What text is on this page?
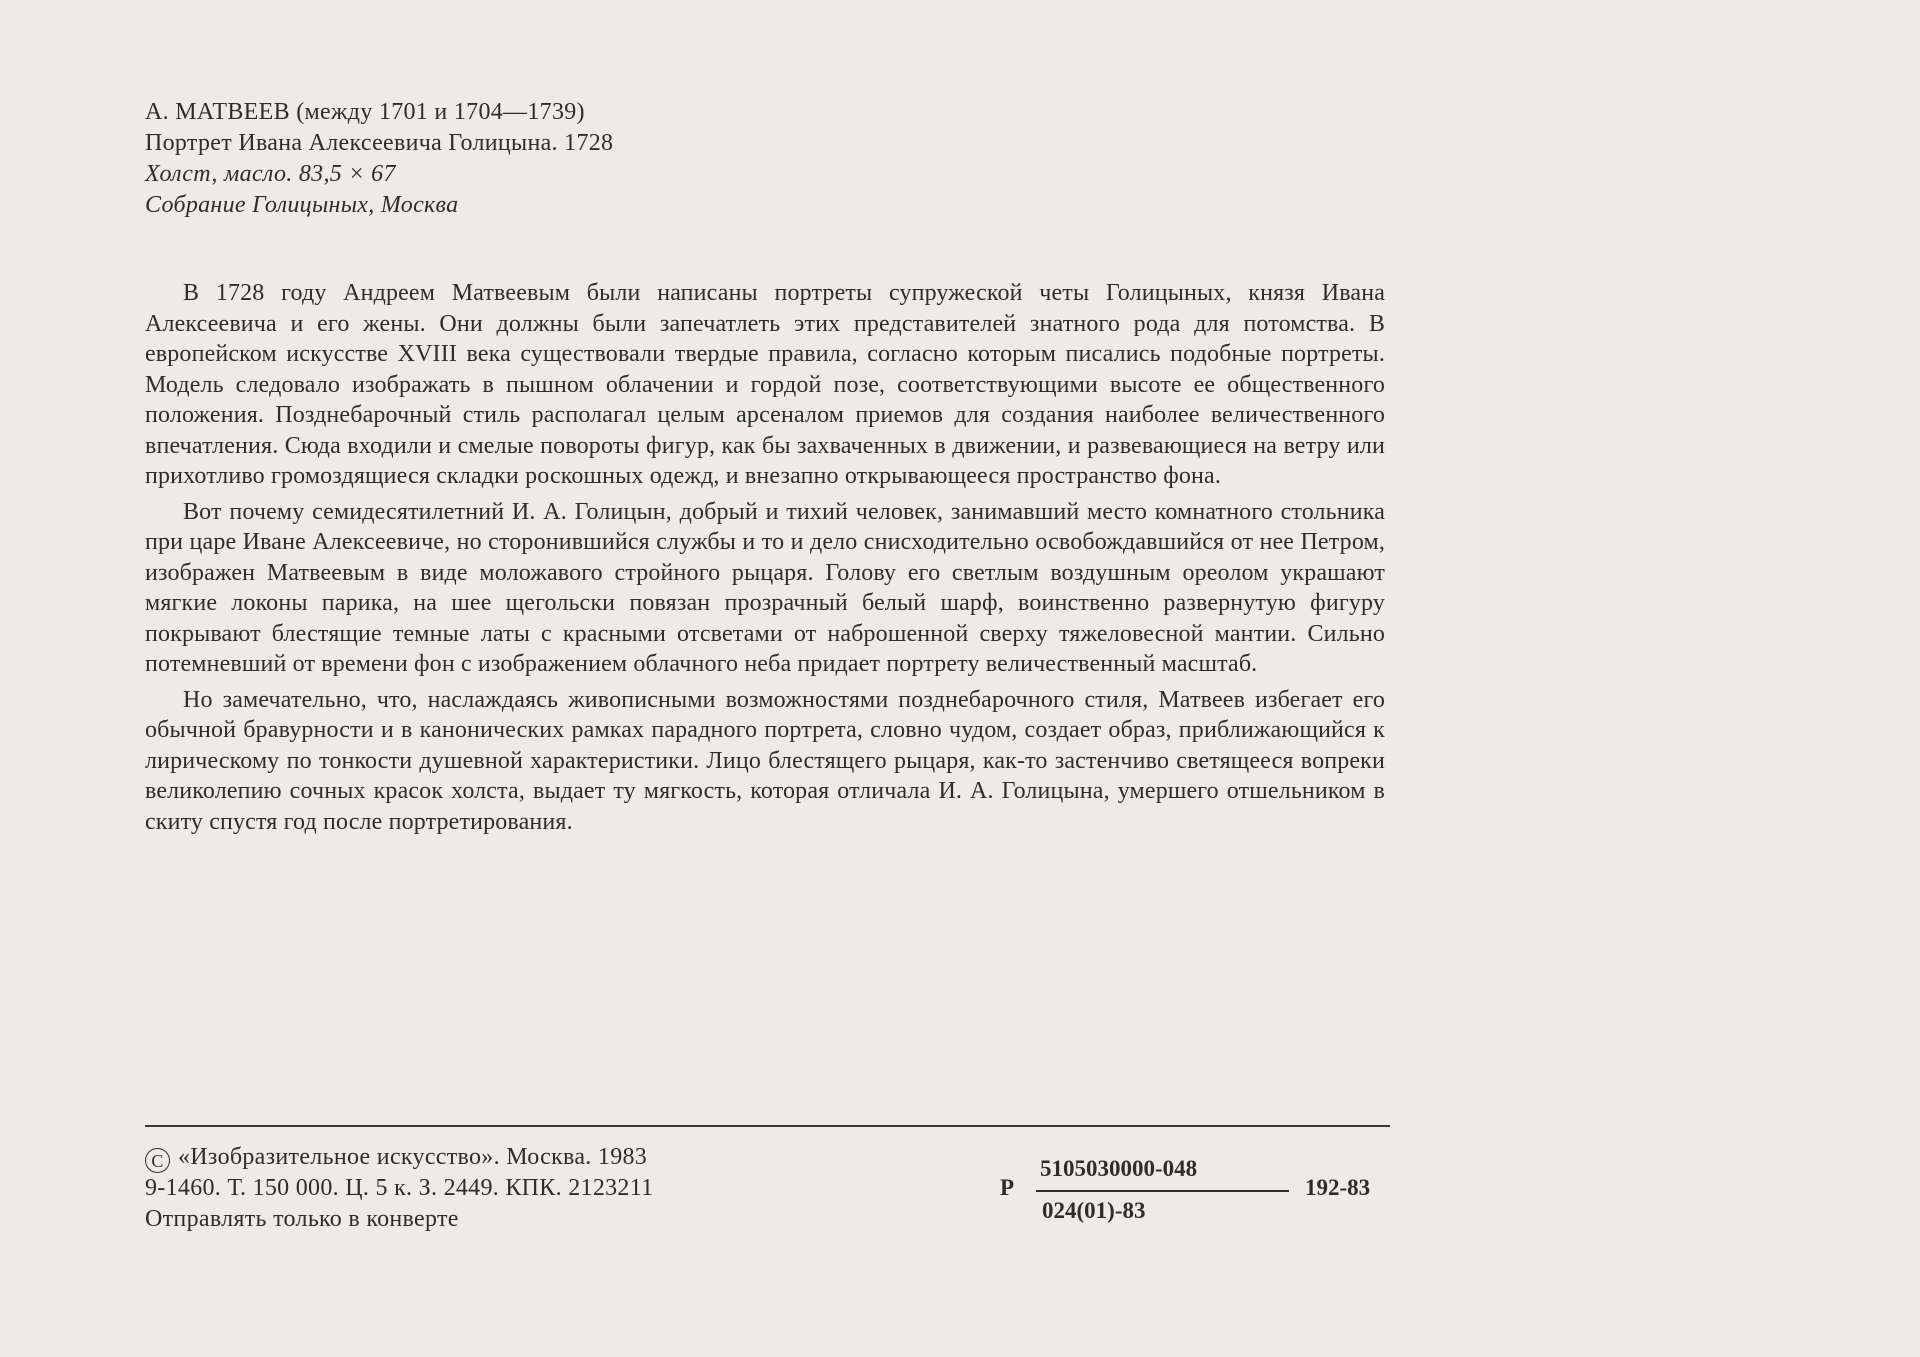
А. МАТВЕЕВ (между 1701 и 1704—1739)
Портрет Ивана Алексеевича Голицына. 1728
Холст, масло. 83,5 × 67
Собрание Голицыных, Москва

В 1728 году Андреем Матвеевым были написаны портреты супружеской четы Голицыных, князя Ивана Алексеевича и его жены. Они должны были запечатлеть этих представителей знатного рода для потомства. В европейском искусстве XVIII века существовали твердые правила, согласно которым писались подобные портреты. Модель следовало изображать в пышном облачении и гордой позе, соответствующими высоте ее общественного положения. Позднебарочный стиль располагал целым арсеналом приемов для создания наиболее величественного впечатления. Сюда входили и смелые повороты фигур, как бы захваченных в движении, и развевающиеся на ветру или прихотливо громоздящиеся складки роскошных одежд, и внезапно открывающееся пространство фона.

Вот почему семидесятилетний И. А. Голицын, добрый и тихий человек, занимавший место комнатного стольника при царе Иване Алексеевиче, но сторонившийся службы и то и дело снисходительно освобождавшийся от нее Петром, изображен Матвеевым в виде моложавого стройного рыцаря. Голову его светлым воздушным ореолом украшают мягкие локоны парика, на шее щегольски повязан прозрачный белый шарф, воинственно развернутую фигуру покрывают блестящие темные латы с красными отсветами от наброшенной сверху тяжеловесной мантии. Сильно потемневший от времени фон с изображением облачного неба придает портрету величественный масштаб.

Но замечательно, что, наслаждаясь живописными возможностями позднебарочного стиля, Матвеев избегает его обычной бравурности и в канонических рамках парадного портрета, словно чудом, создает образ, приближающийся к лирическому по тонкости душевной характеристики. Лицо блестящего рыцаря, как-то застенчиво светящееся вопреки великолепию сочных красок холста, выдает ту мягкость, которая отличала И. А. Голицына, умершего отшельником в скиту спустя год после портретирования.

C «Изобразительное искусство». Москва. 1983
9-1460. Т. 150 000. Ц. 5 к. З. 2449. КПК. 2123211
Отправлять только в конверте
Р
5105030000-048
024(01)-83
192-83
